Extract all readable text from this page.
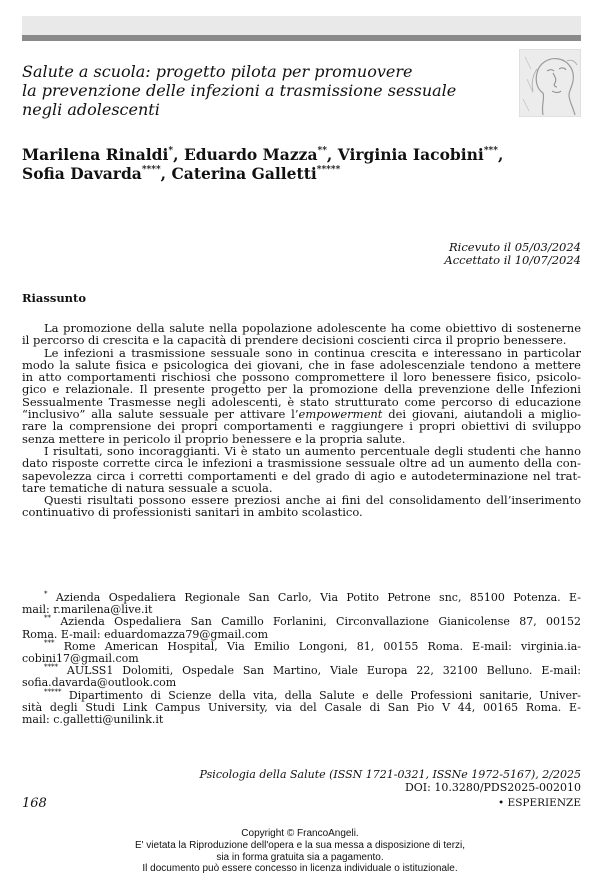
Salute a scuola: progetto pilota per promuovere
la prevenzione delle infezioni a trasmissione sessuale
negli adolescenti
Marilena Rinaldi*, Eduardo Mazza**, Virginia Iacobini***,
Sofia Davarda****, Caterina Galletti*****
Ricevuto il 05/03/2024
Accettato il 10/07/2024
Riassunto
La promozione della salute nella popolazione adolescente ha come obiettivo di sostenerne
il percorso di crescita e la capacità di prendere decisioni coscienti circa il proprio benessere.
Le infezioni a trasmissione sessuale sono in continua crescita e interessano in particolar
modo la salute fisica e psicologica dei giovani, che in fase adolescenziale tendono a mettere
in atto comportamenti rischiosi che possono compromettere il loro benessere fisico, psicolo-
gico e relazionale. Il presente progetto per la promozione della prevenzione delle Infezioni
Sessualmente Trasmesse negli adolescenti, è stato strutturato come percorso di educazione
“inclusivo” alla salute sessuale per attivare l’empowerment dei giovani, aiutandoli a miglio-
rare la comprensione dei propri comportamenti e raggiungere i propri obiettivi di sviluppo
senza mettere in pericolo il proprio benessere e la propria salute.
I risultati, sono incoraggianti. Vi è stato un aumento percentuale degli studenti che hanno
dato risposte corrette circa le infezioni a trasmissione sessuale oltre ad un aumento della con-
sapevolezza circa i corretti comportamenti e del grado di agio e autodeterminazione nel trat-
tare tematiche di natura sessuale a scuola.
Questi risultati possono essere preziosi anche ai fini del consolidamento dell’inserimento
continuativo di professionisti sanitari in ambito scolastico.
* Azienda Ospedaliera Regionale San Carlo, Via Potito Petrone snc, 85100 Potenza. E-
mail: r.marilena@live.it
** Azienda Ospedaliera San Camillo Forlanini, Circonvallazione Gianicolense 87, 00152
Roma. E-mail: eduardomazza79@gmail.com
*** Rome American Hospital, Via Emilio Longoni, 81, 00155 Roma. E-mail: virginia.ia-
cobini17@gmail.com
**** AULSS1 Dolomiti, Ospedale San Martino, Viale Europa 22, 32100 Belluno. E-mail:
sofia.davarda@outlook.com
***** Dipartimento di Scienze della vita, della Salute e delle Professioni sanitarie, Univer-
sità degli Studi Link Campus University, via del Casale di San Pio V 44, 00165 Roma. E-
mail: c.galletti@unilink.it
Psicologia della Salute (ISSN 1721-0321, ISSNe 1972-5167), 2/2025
DOI: 10.3280/PDS2025-002010
168	• ESPERIENZE
Copyright © FrancoAngeli.
E' vietata la Riproduzione dell'opera e la sua messa a disposizione di terzi,
sia in forma gratuita sia a pagamento.
Il documento può essere concesso in licenza individuale o istituzionale.
